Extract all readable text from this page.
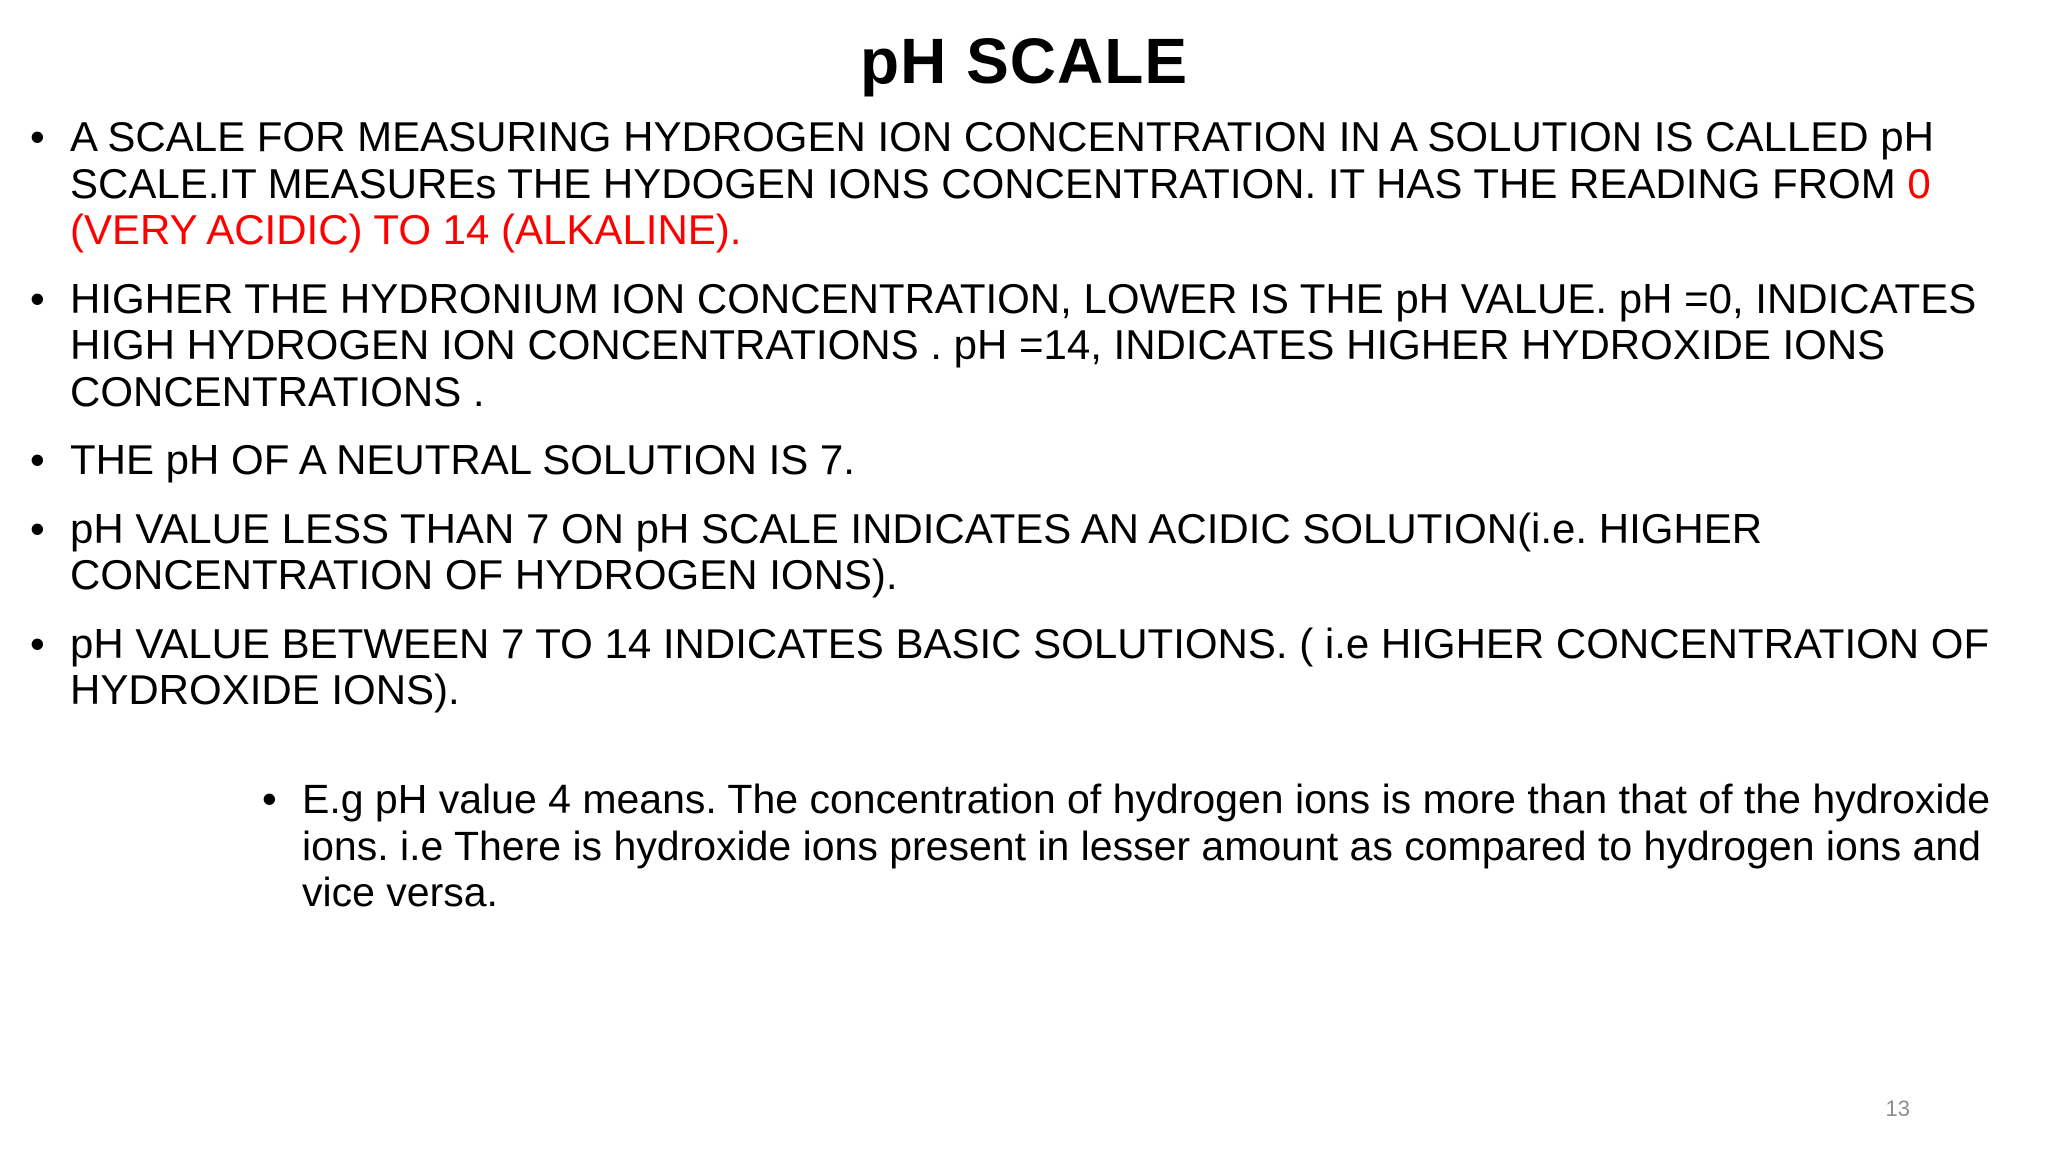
pH SCALE
• A SCALE FOR MEASURING HYDROGEN ION CONCENTRATION IN A SOLUTION IS CALLED pH SCALE.IT MEASUREs THE HYDOGEN IONS CONCENTRATION. IT HAS THE READING FROM 0 (VERY ACIDIC) TO 14 (ALKALINE).
• HIGHER THE HYDRONIUM ION CONCENTRATION, LOWER IS THE pH VALUE. pH =0, INDICATES HIGH HYDROGEN ION CONCENTRATIONS . pH =14, INDICATES HIGHER HYDROXIDE IONS CONCENTRATIONS .
• THE pH OF A NEUTRAL SOLUTION IS 7.
• pH VALUE LESS THAN 7 ON pH SCALE INDICATES AN ACIDIC SOLUTION(i.e. HIGHER CONCENTRATION OF HYDROGEN IONS).
• pH VALUE BETWEEN 7 TO 14 INDICATES BASIC SOLUTIONS. ( i.e HIGHER CONCENTRATION OF HYDROXIDE IONS).
• E.g pH value 4 means. The concentration of hydrogen ions is more than that of the hydroxide ions. i.e There is hydroxide ions present in lesser amount as compared to hydrogen ions and vice versa.
13
